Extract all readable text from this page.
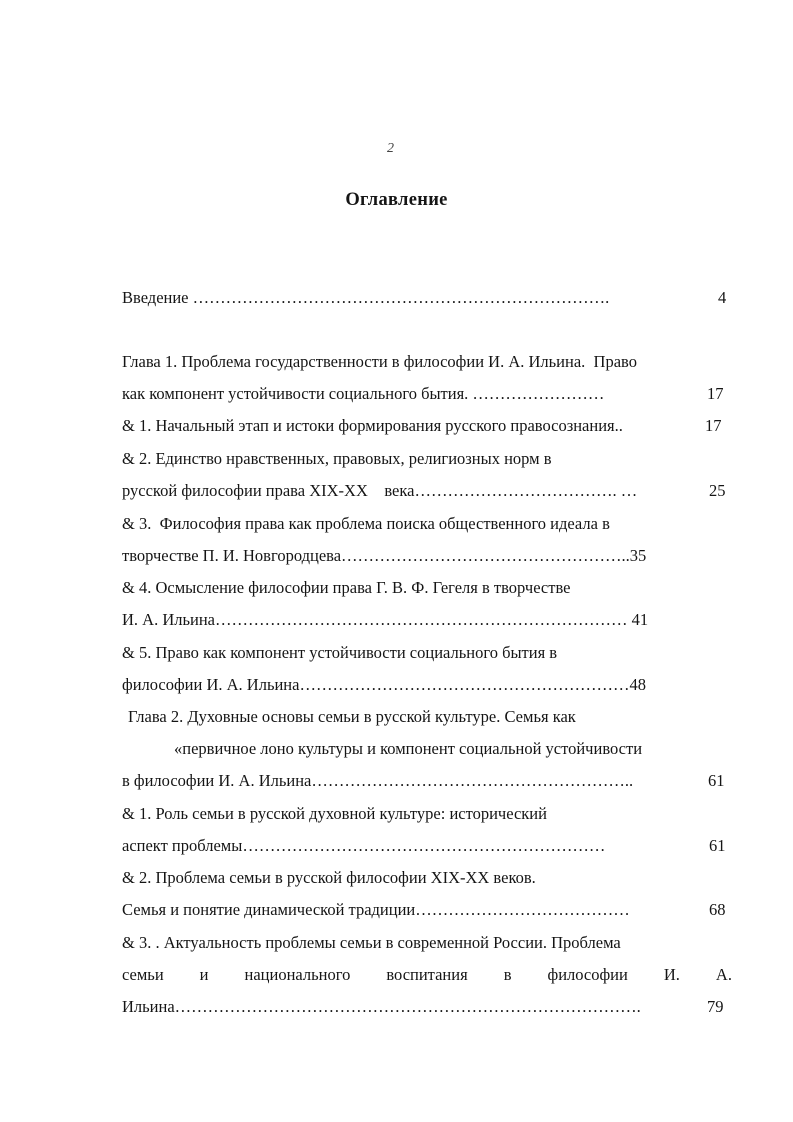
2
Оглавление
Введение ………………………………………………………………….	4
Глава 1. Проблема государственности в философии И. А. Ильина.  Право
как компонент устойчивости социального бытия. ……………………	17
& 1. Начальный этап и истоки формирования русского правосознания..	17
& 2. Единство нравственных, правовых, религиозных норм в
русской философии права XIX-XX    века………………………………. …	25
& 3.  Философия права как проблема поиска общественного идеала в
творчестве П. И. Новгородцева……………………………………………..35
& 4. Осмысление философии права Г. В. Ф. Гегеля в творчестве
И. А. Ильина………………………………………………………………… 41
& 5. Право как компонент устойчивости социального бытия в
философии И. А. Ильина……………………………………………………48
Глава 2. Духовные основы семьи в русской культуре. Семья как
«первичное лоно культуры и компонент социальной устойчивости
в философии И. А. Ильина…………………………………………………..	61
& 1. Роль семьи в русской духовной культуре: исторический
аспект проблемы…………………………………………………………	61
& 2. Проблема семьи в русской философии XIX-XX веков.
Семья и понятие динамической традиции…………………………………	68
& 3. . Актуальность проблемы семьи в современной России. Проблема
семьи и национального воспитания в философии И. А.
Ильина………………………………………………………………………….	79
